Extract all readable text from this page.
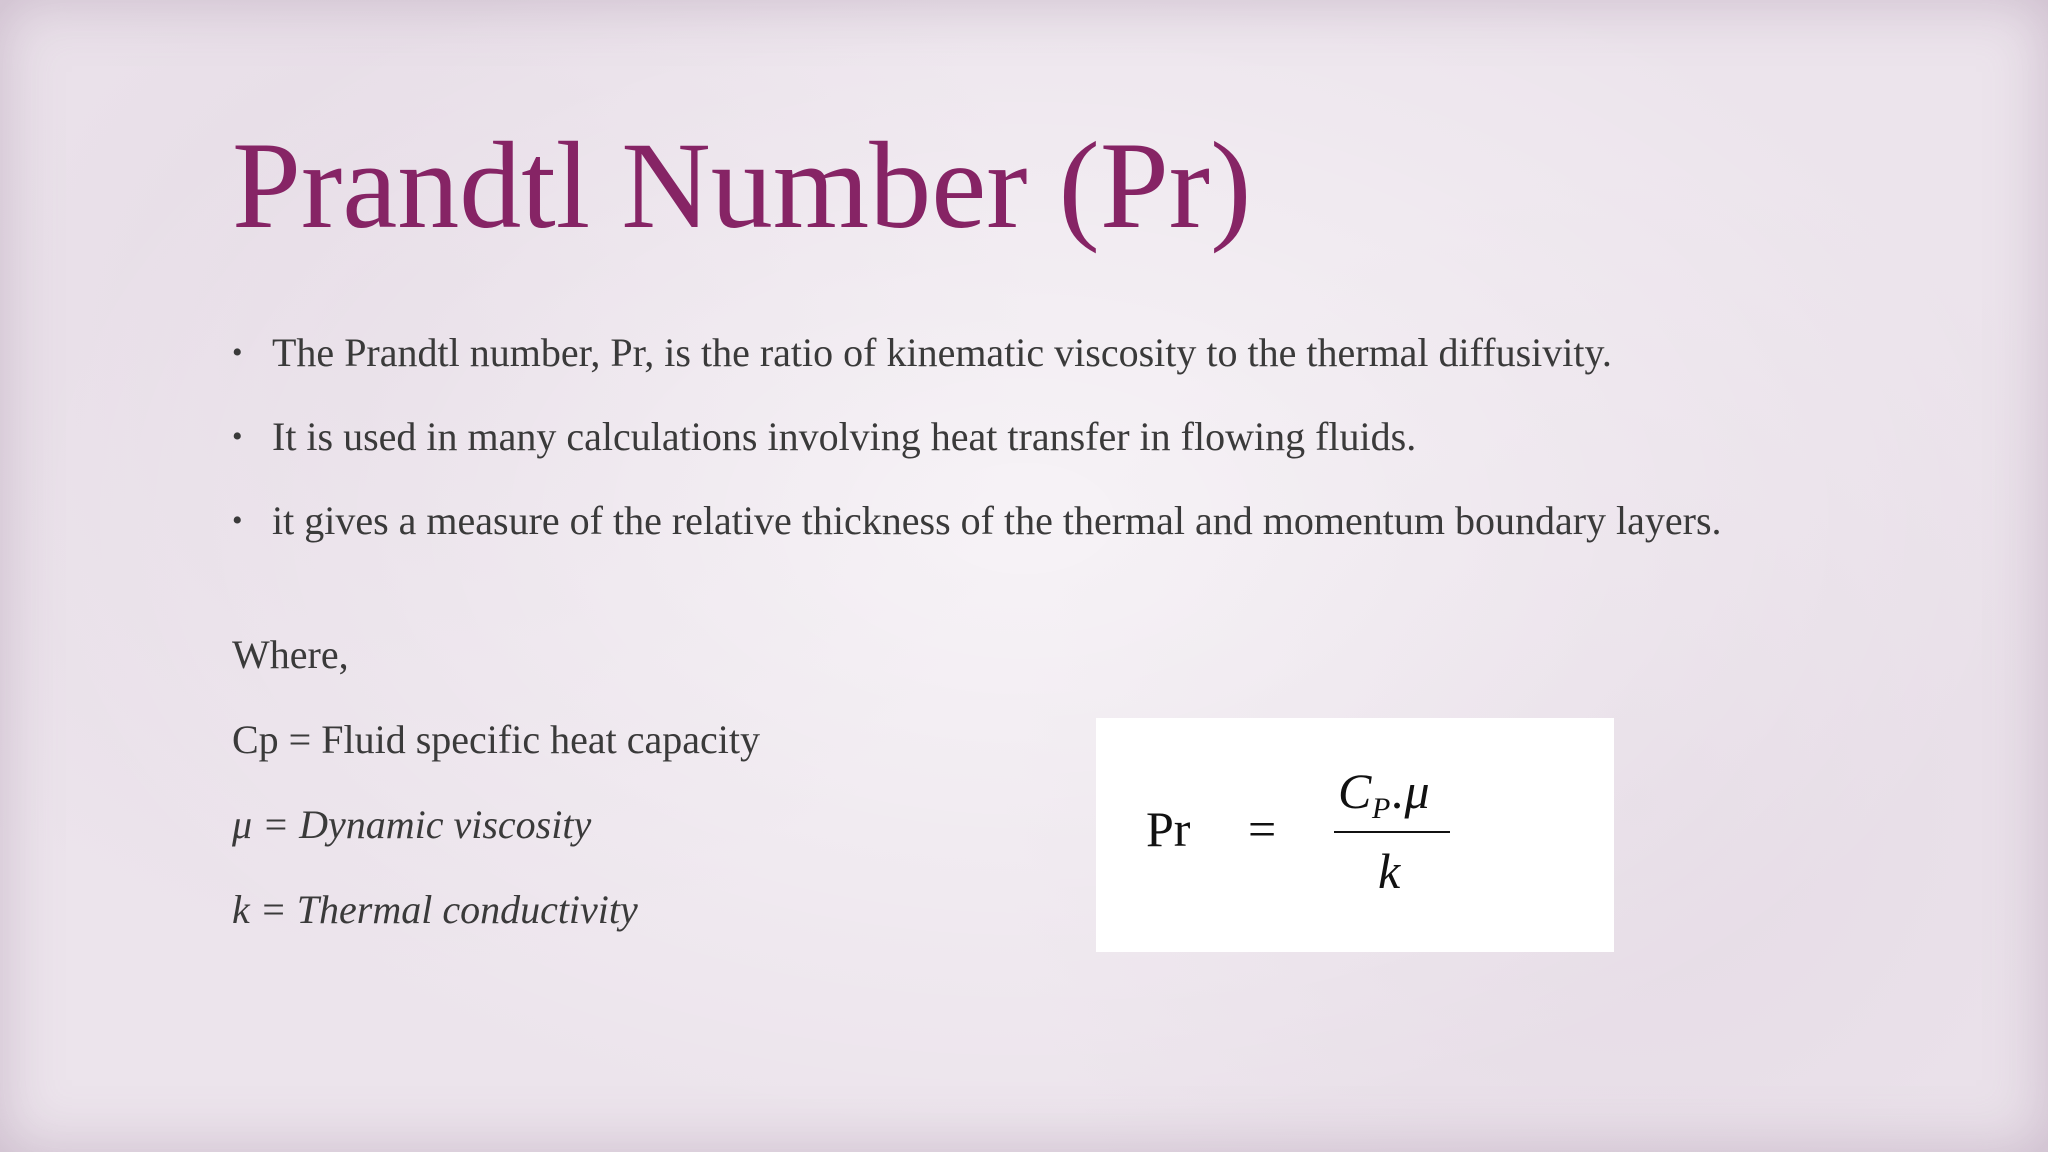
Prandtl Number (Pr)
• The Prandtl number, Pr, is the ratio of kinematic viscosity to the thermal diffusivity.
• It is used in many calculations involving heat transfer in flowing fluids.
• it gives a measure of the relative thickness of the thermal and momentum boundary layers.
Where,
Cp = Fluid specific heat capacity
μ = Dynamic viscosity
k = Thermal conductivity
Pr =
C P .μ
k
